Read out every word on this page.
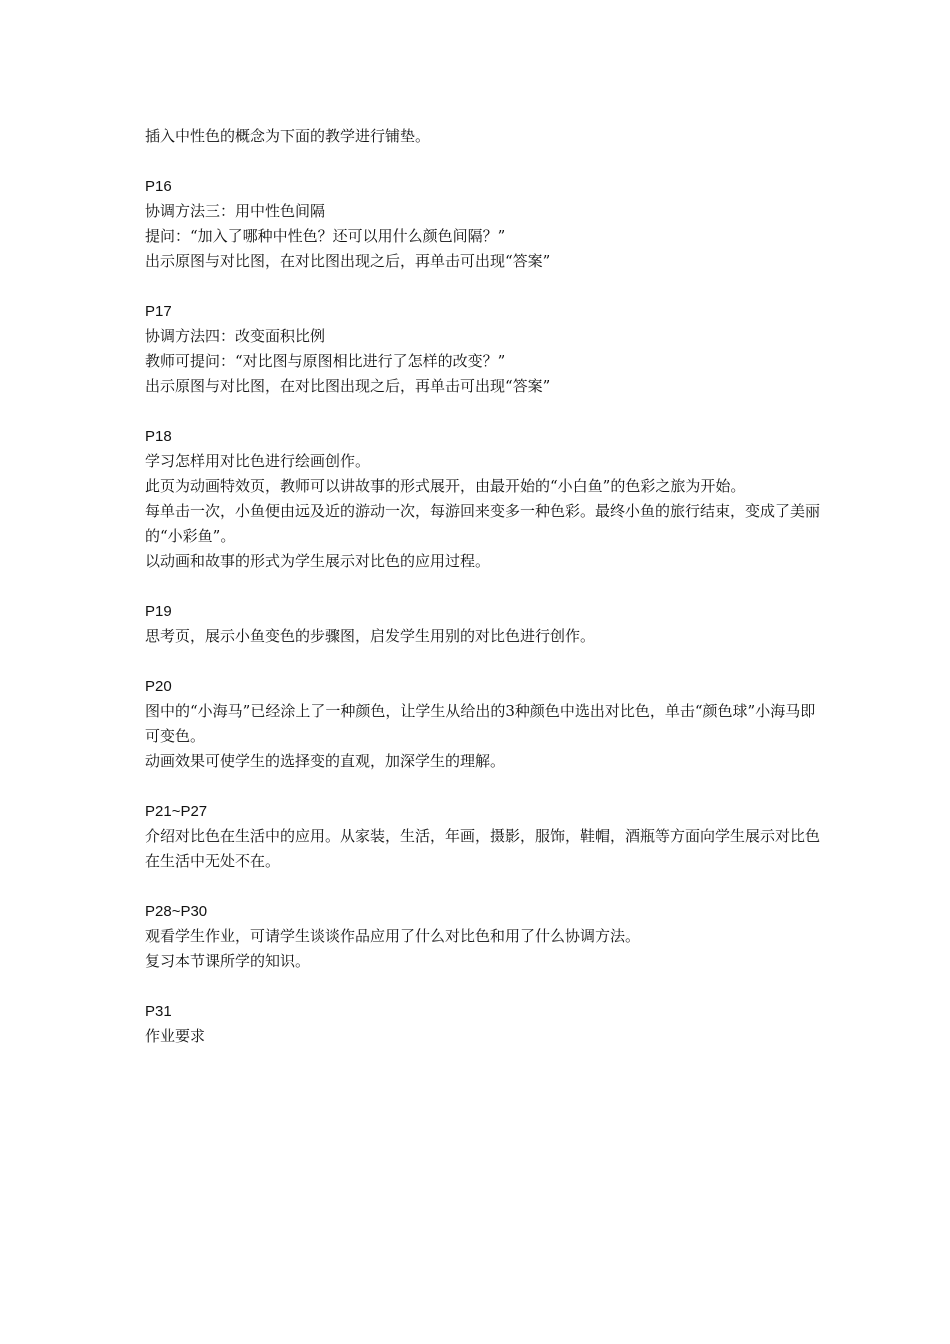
插入中性色的概念为下面的教学进行铺垫。

P16

协调方法三：用中性色间隔

提问：“加入了哪种中性色？还可以用什么颜色间隔？”

出示原图与对比图，在对比图出现之后，再单击可出现“答案”

P17

协调方法四：改变面积比例

教师可提问：“对比图与原图相比进行了怎样的改变？”

出示原图与对比图，在对比图出现之后，再单击可出现“答案”

P18

学习怎样用对比色进行绘画创作。

此页为动画特效页，教师可以讲故事的形式展开，由最开始的“小白鱼”的色彩之旅为开始。

每单击一次，小鱼便由远及近的游动一次，每游回来变多一种色彩。最终小鱼的旅行结束，变成了美丽的“小彩鱼”。

以动画和故事的形式为学生展示对比色的应用过程。

P19

思考页，展示小鱼变色的步骤图，启发学生用别的对比色进行创作。

P20

图中的“小海马”已经涂上了一种颜色，让学生从给出的3种颜色中选出对比色，单击“颜色球”小海马即可变色。

动画效果可使学生的选择变的直观，加深学生的理解。

P21~P27

介绍对比色在生活中的应用。从家装，生活，年画，摄影，服饰，鞋帽，酒瓶等方面向学生展示对比色在生活中无处不在。

P28~P30

观看学生作业，可请学生谈谈作品应用了什么对比色和用了什么协调方法。

复习本节课所学的知识。

P31

作业要求
